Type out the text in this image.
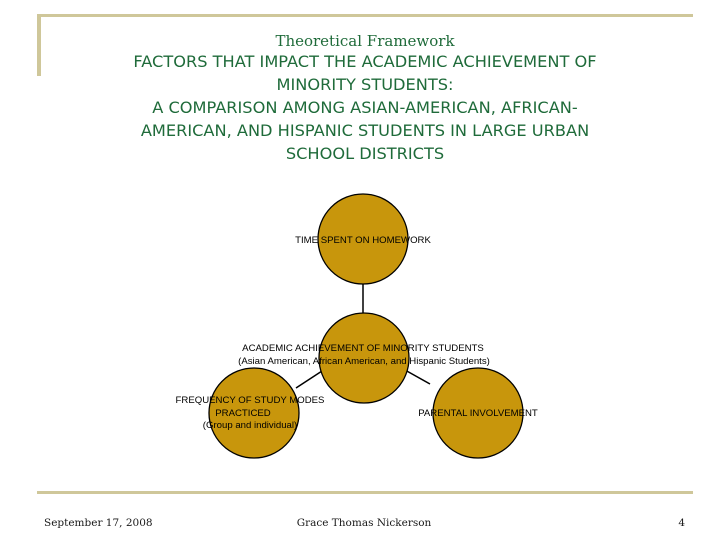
Theoretical Framework
FACTORS THAT IMPACT THE ACADEMIC ACHIEVEMENT OF
MINORITY STUDENTS:
A COMPARISON AMONG ASIAN-AMERICAN, AFRICAN-
AMERICAN, AND HISPANIC STUDENTS IN LARGE URBAN
SCHOOL DISTRICTS
TIME SPENT ON HOMEWORK
ACADEMIC ACHIEVEMENT OF MINORITY STUDENTS
(Asian American, African American, and Hispanic Students)
FREQUENCY OF STUDY MODES
PRACTICED
(Group and individual)
PARENTAL INVOLVEMENT
Grace Thomas Nickerson
September 17, 2008	4
